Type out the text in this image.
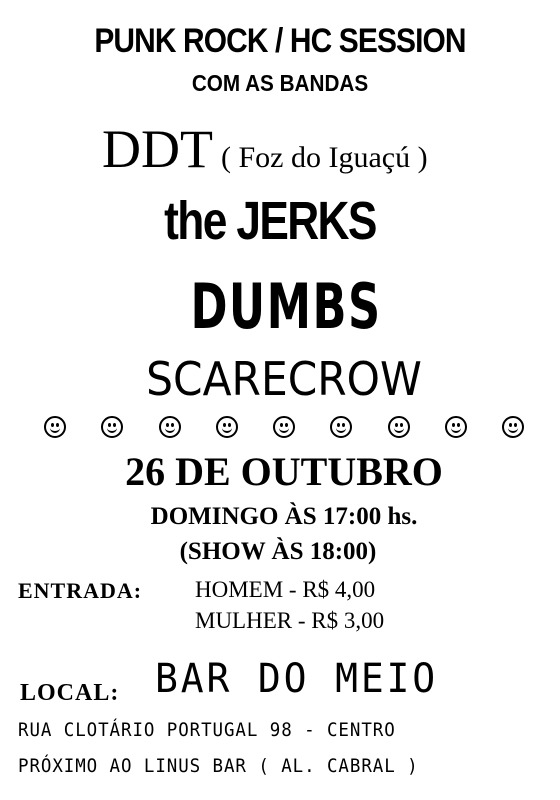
PUNK ROCK / HC SESSION
COM AS BANDAS
DDT ( Foz do Iguaçú )
the JERKS
DUMBS
SCARECROW
26 DE OUTUBRO
DOMINGO ÀS 17:00 hs.
(SHOW ÀS 18:00)
ENTRADA: HOMEM - R$ 4,00
MULHER - R$ 3,00
LOCAL: BAR DO MEIO
RUA CLOTÁRIO PORTUGAL 98 - CENTRO
PRÓXIMO AO LINUS BAR ( AL. CABRAL )
